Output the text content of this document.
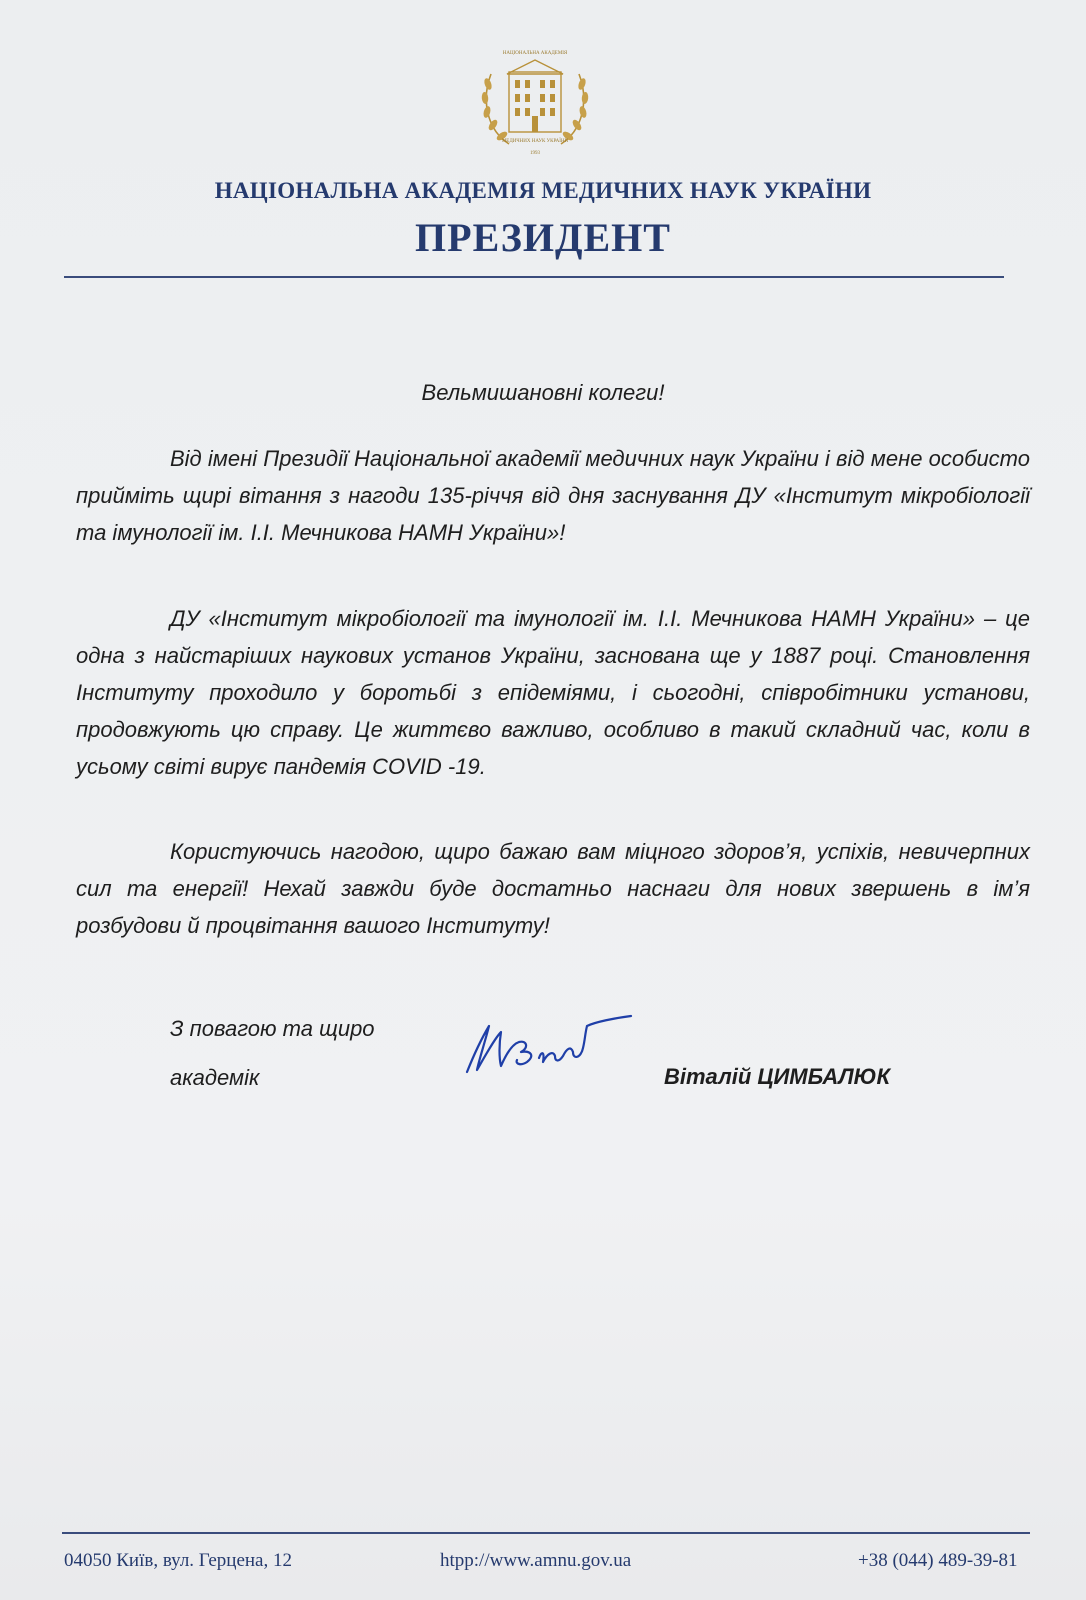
НАЦІОНАЛЬНА АКАДЕМІЯ
МЕДИЧНИХ НАУК УКРАЇНИ
1993
НАЦІОНАЛЬНА АКАДЕМІЯ МЕДИЧНИХ НАУК УКРАЇНИ
ПРЕЗИДЕНТ
Вельмишановні колеги!

Від імені Президії Національної академії медичних наук України і від мене особисто прийміть щирі вітання з нагоди 135-річчя від дня заснування ДУ «Інститут мікробіології та імунології ім. І.І. Мечникова НАМН України»!

ДУ «Інститут мікробіології та імунології ім. І.І. Мечникова НАМН України» – це одна з найстаріших наукових установ України, заснована ще у 1887 році. Становлення Інституту проходило у боротьбі з епідеміями, і сьогодні, співробітники установи, продовжують цю справу. Це життєво важливо, особливо в такий складний час, коли в усьому світі вирує пандемія COVID -19.

Користуючись нагодою, щиро бажаю вам міцного здоров’я, успіхів, невичерпних сил та енергії! Нехай завжди буде достатньо наснаги для нових звершень в ім’я розбудови й процвітання вашого Інституту!

З повагою та щиро
академік	Віталій ЦИМБАЛЮК
04050 Київ, вул. Герцена, 12	htpp://www.amnu.gov.ua	+38 (044) 489-39-81
